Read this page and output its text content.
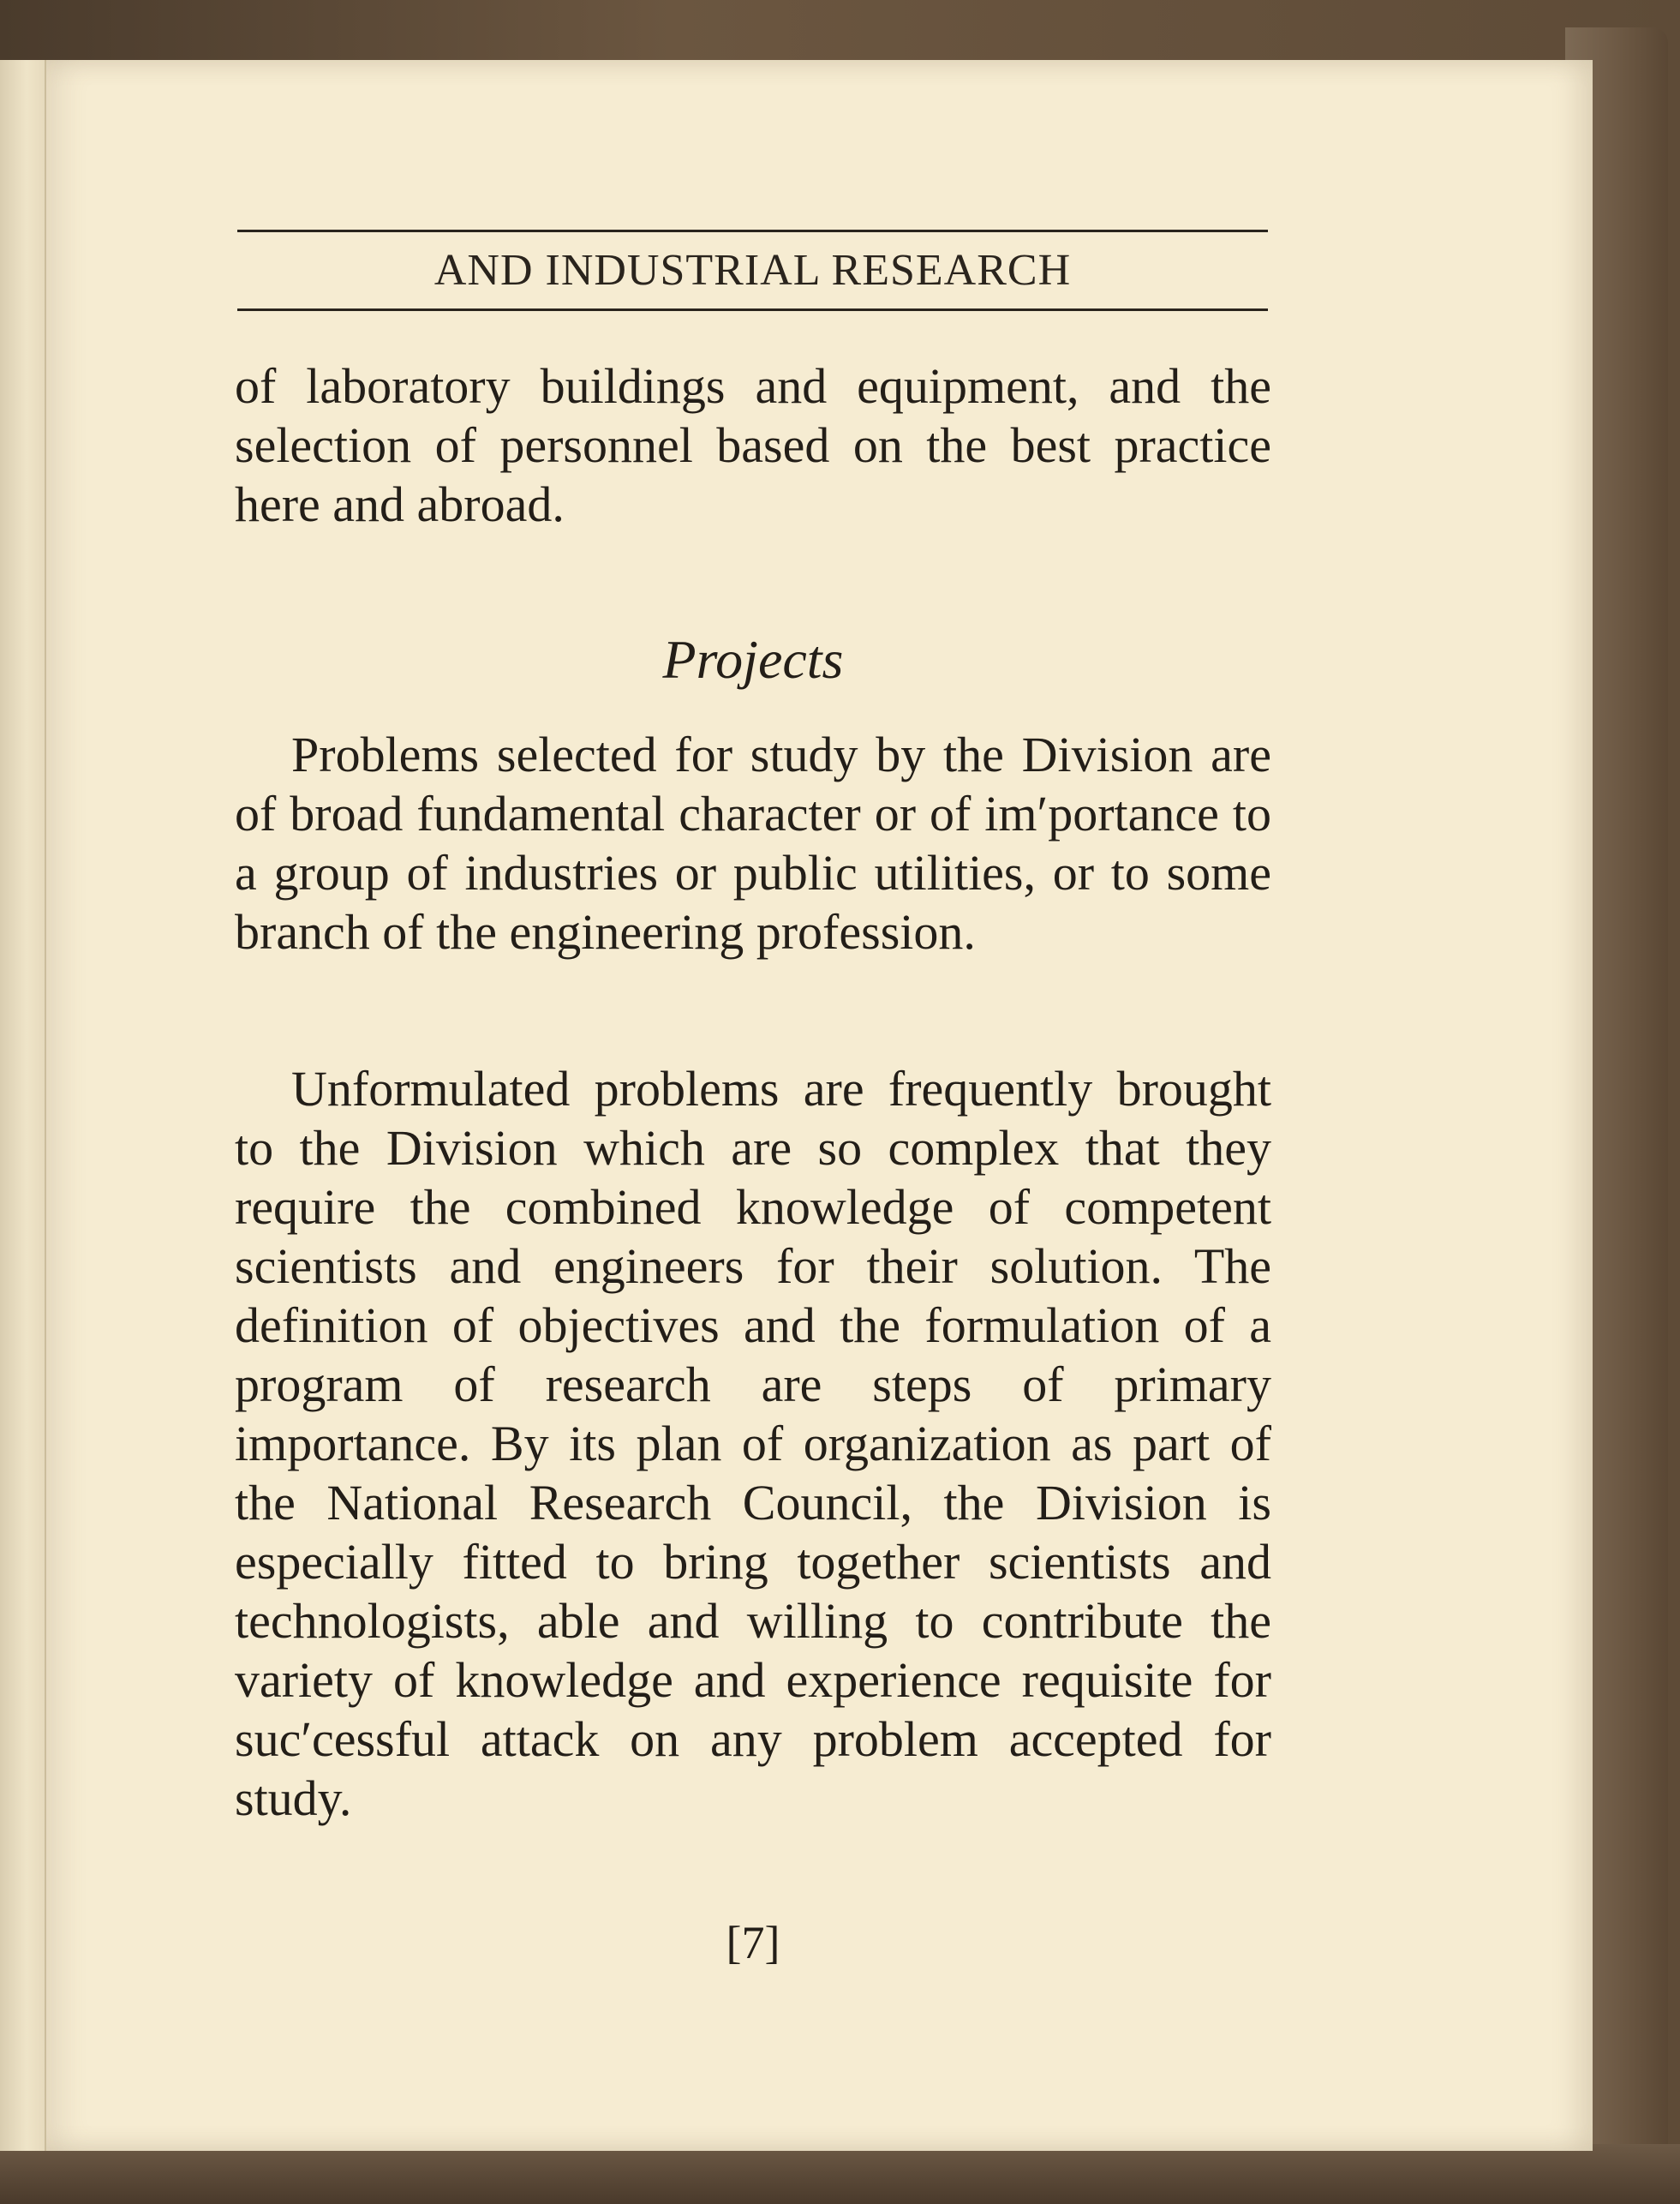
AND INDUSTRIAL RESEARCH
of laboratory buildings and equipment, and the selection of personnel based on the best practice here and abroad.
Projects
Problems selected for study by the Division are of broad fundamental character or of im′portance to a group of industries or public utilities, or to some branch of the engineering profession.
Unformulated problems are frequently brought to the Division which are so complex that they require the combined knowledge of competent scientists and engineers for their solution. The definition of objectives and the formulation of a program of research are steps of primary importance. By its plan of organization as part of the National Research Council, the Division is especially fitted to bring together scientists and technologists, able and willing to contribute the variety of knowledge and experience requisite for suc′cessful attack on any problem accepted for study.
[7]
